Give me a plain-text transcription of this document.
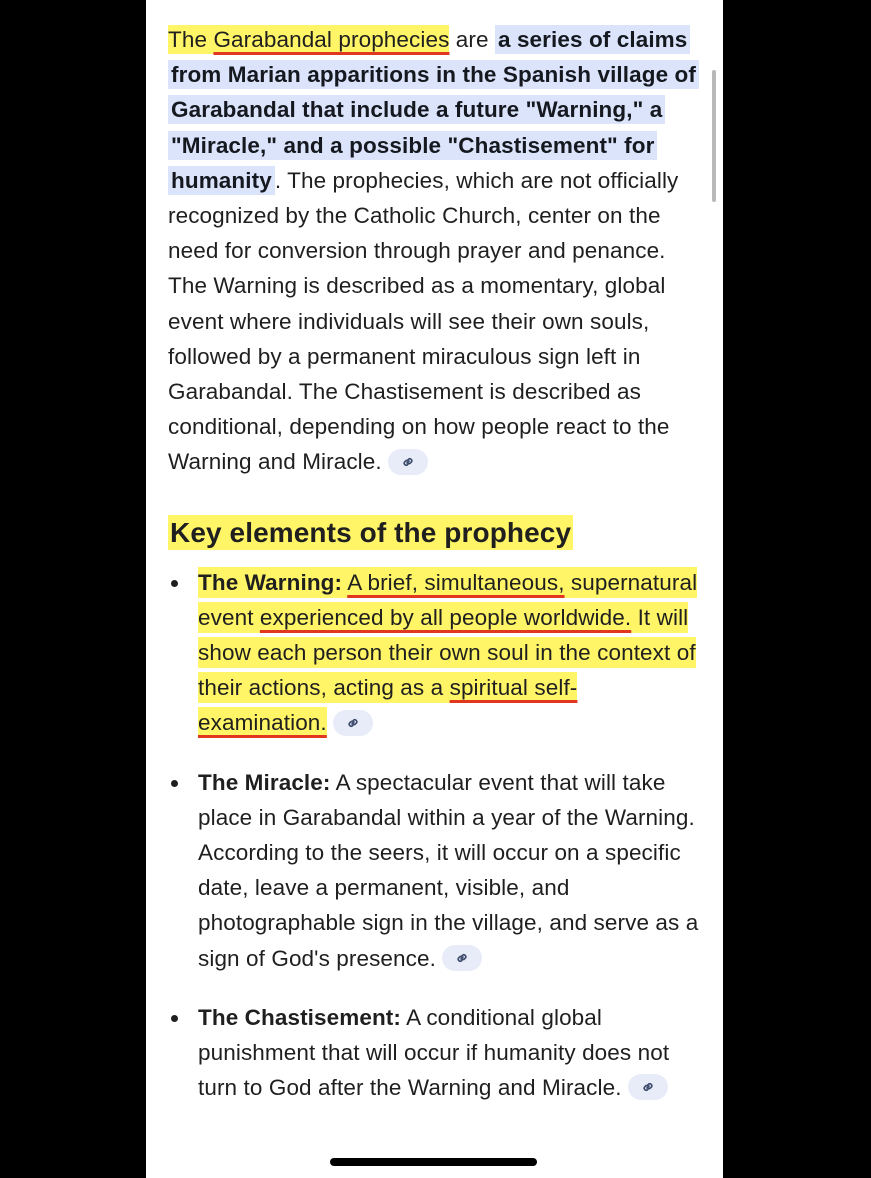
The Garabandal prophecies are a series of claims from Marian apparitions in the Spanish village of Garabandal that include a future "Warning," a "Miracle," and a possible "Chastisement" for humanity . The prophecies, which are not officially recognized by the Catholic Church, center on the need for conversion through prayer and penance. The Warning is described as a momentary, global event where individuals will see their own souls, followed by a permanent miraculous sign left in Garabandal. The Chastisement is described as conditional, depending on how people react to the Warning and Miracle.

Key elements of the prophecy
The Warning: A brief, simultaneous, supernatural event experienced by all people worldwide. It will show each person their own soul in the context of their actions, acting as a spiritual self-examination.
The Miracle: A spectacular event that will take place in Garabandal within a year of the Warning. According to the seers, it will occur on a specific date, leave a permanent, visible, and photographable sign in the village, and serve as a sign of God's presence.
The Chastisement: A conditional global punishment that will occur if humanity does not turn to God after the Warning and Miracle.
